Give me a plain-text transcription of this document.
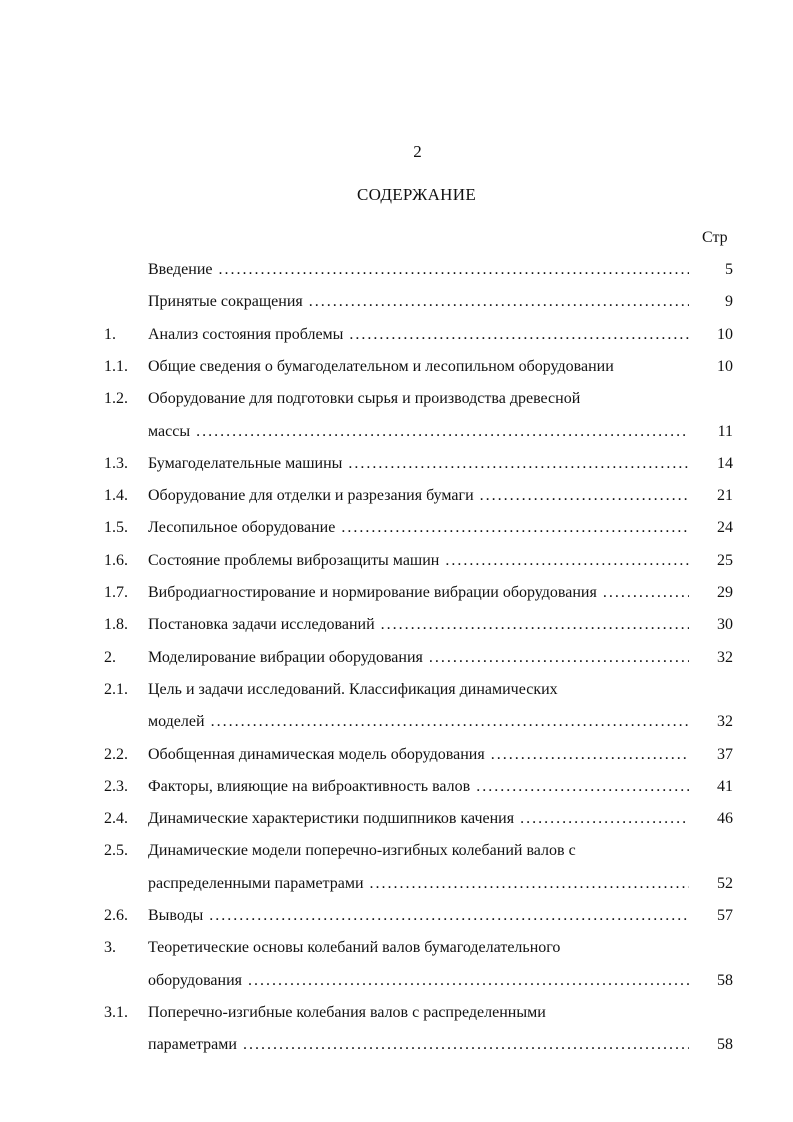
2
СОДЕРЖАНИЕ
Стр
Введение .....	5
Принятые сокращения .....	9
1. Анализ состояния проблемы .....	10
1.1. Общие сведения о бумагоделательном и лесопильном оборудовании	10
1.2. Оборудование для подготовки сырья и производства древесной
массы .....	11
1.3. Бумагоделательные машины .....	14
1.4. Оборудование для отделки и разрезания бумаги .....	21
1.5. Лесопильное оборудование .....	24
1.6. Состояние проблемы виброзащиты машин .....	25
1.7. Вибродиагностирование и нормирование вибрации оборудования .....	29
1.8. Постановка задачи исследований .....	30
2. Моделирование вибрации оборудования .....	32
2.1. Цель и задачи исследований. Классификация динамических
моделей .....	32
2.2. Обобщенная динамическая модель оборудования .....	37
2.3. Факторы, влияющие на виброактивность валов .....	41
2.4. Динамические характеристики подшипников качения .....	46
2.5. Динамические модели поперечно-изгибных колебаний валов с
распределенными параметрами .....	52
2.6. Выводы .....	57
3. Теоретические основы колебаний валов бумагоделательного
оборудования .....	58
3.1. Поперечно-изгибные колебания валов с распределенными
параметрами .....	58
